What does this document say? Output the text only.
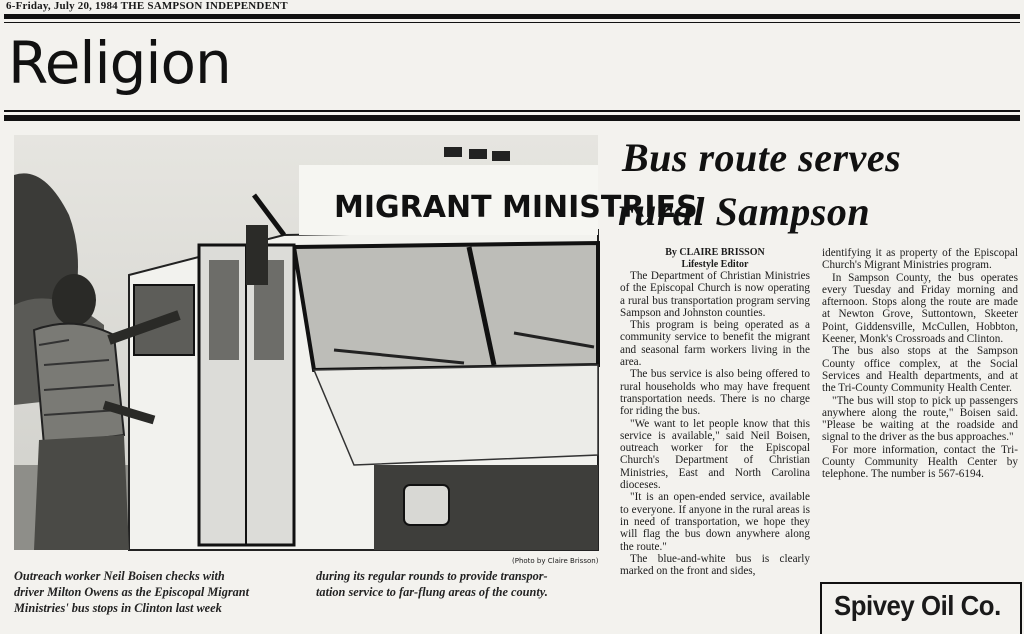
6-Friday, July 20, 1984 THE SAMPSON INDEPENDENT
Religion
MIGRANT MINISTRIES
(Photo by Claire Brisson)
Outreach worker Neil Boisen checks with
driver Milton Owens as the Episcopal Migrant
Ministries' bus stops in Clinton last week
during its regular rounds to provide transpor-
tation service to far-flung areas of the county.
Bus route serves
rural Sampson
By CLAIRE BRISSON
Lifestyle Editor

The Department of Christian Ministries of the Episcopal Church is now operating a rural bus transportation program serving Sampson and Johnston counties.

This program is being operated as a community service to benefit the migrant and seasonal farm workers living in the area.

The bus service is also being offered to rural households who may have frequent transportation needs. There is no charge for riding the bus.

"We want to let people know that this service is available," said Neil Boisen, outreach worker for the Episcopal Church's Department of Christian Ministries, East and North Carolina dioceses.

"It is an open-ended service, available to everyone. If anyone in the rural areas is in need of transportation, we hope they will flag the bus down anywhere along the route."

The blue-and-white bus is clearly marked on the front and sides,

identifying it as property of the Episcopal Church's Migrant Ministries program.

In Sampson County, the bus operates every Tuesday and Friday morning and afternoon. Stops along the route are made at Newton Grove, Suttontown, Skeeter Point, Giddensville, McCullen, Hobbton, Keener, Monk's Crossroads and Clinton.

The bus also stops at the Sampson County office complex, at the Social Services and Health departments, and at the Tri-County Community Health Center.

"The bus will stop to pick up passengers anywhere along the route," Boisen said. "Please be waiting at the roadside and signal to the driver as the bus approaches."

For more information, contact the Tri-County Community Health Center by telephone. The number is 567-6194.

Spivey Oil Co.
